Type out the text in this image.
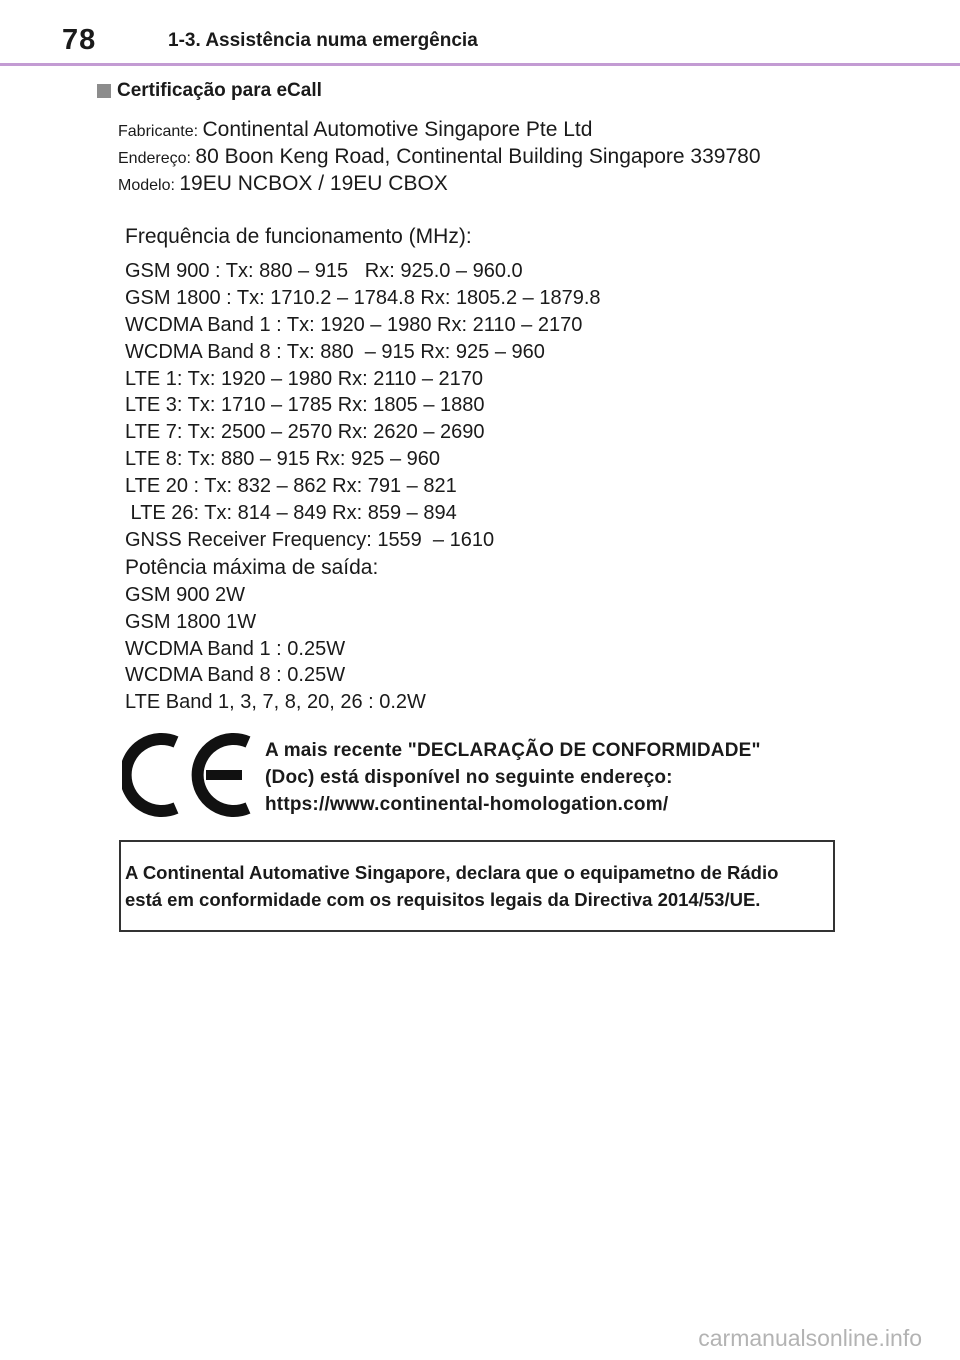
78	1-3. Assistência numa emergência
Certificação para eCall
Fabricante: Continental Automotive Singapore Pte Ltd
Endereço: 80 Boon Keng Road, Continental Building Singapore 339780
Modelo: 19EU NCBOX / 19EU CBOX
Frequência de funcionamento (MHz):
GSM 900 : Tx: 880 – 915   Rx: 925.0 – 960.0
GSM 1800 : Tx: 1710.2 – 1784.8 Rx: 1805.2 – 1879.8
WCDMA Band 1 : Tx: 1920 – 1980 Rx: 2110 – 2170
WCDMA Band 8 : Tx: 880  – 915 Rx: 925 – 960
LTE 1: Tx: 1920 – 1980 Rx: 2110 – 2170
LTE 3: Tx: 1710 – 1785 Rx: 1805 – 1880
LTE 7: Tx: 2500 – 2570 Rx: 2620 – 2690
LTE 8: Tx: 880 – 915 Rx: 925 – 960
LTE 20 : Tx: 832 – 862 Rx: 791 – 821
LTE 26: Tx: 814 – 849 Rx: 859 – 894
GNSS Receiver Frequency: 1559  – 1610
Potência máxima de saída:
GSM 900 2W
GSM 1800 1W
WCDMA Band 1 : 0.25W
WCDMA Band 8 : 0.25W
LTE Band 1, 3, 7, 8, 20, 26 : 0.2W
A mais recente "DECLARAÇÃO DE CONFORMIDADE"
(Doc) está disponível no seguinte endereço:
https://www.continental-homologation.com/
A Continental Automative Singapore, declara que o equipametno de Rádio
está em conformidade com os requisitos legais da Directiva 2014/53/UE.
carmanualsonline.info
